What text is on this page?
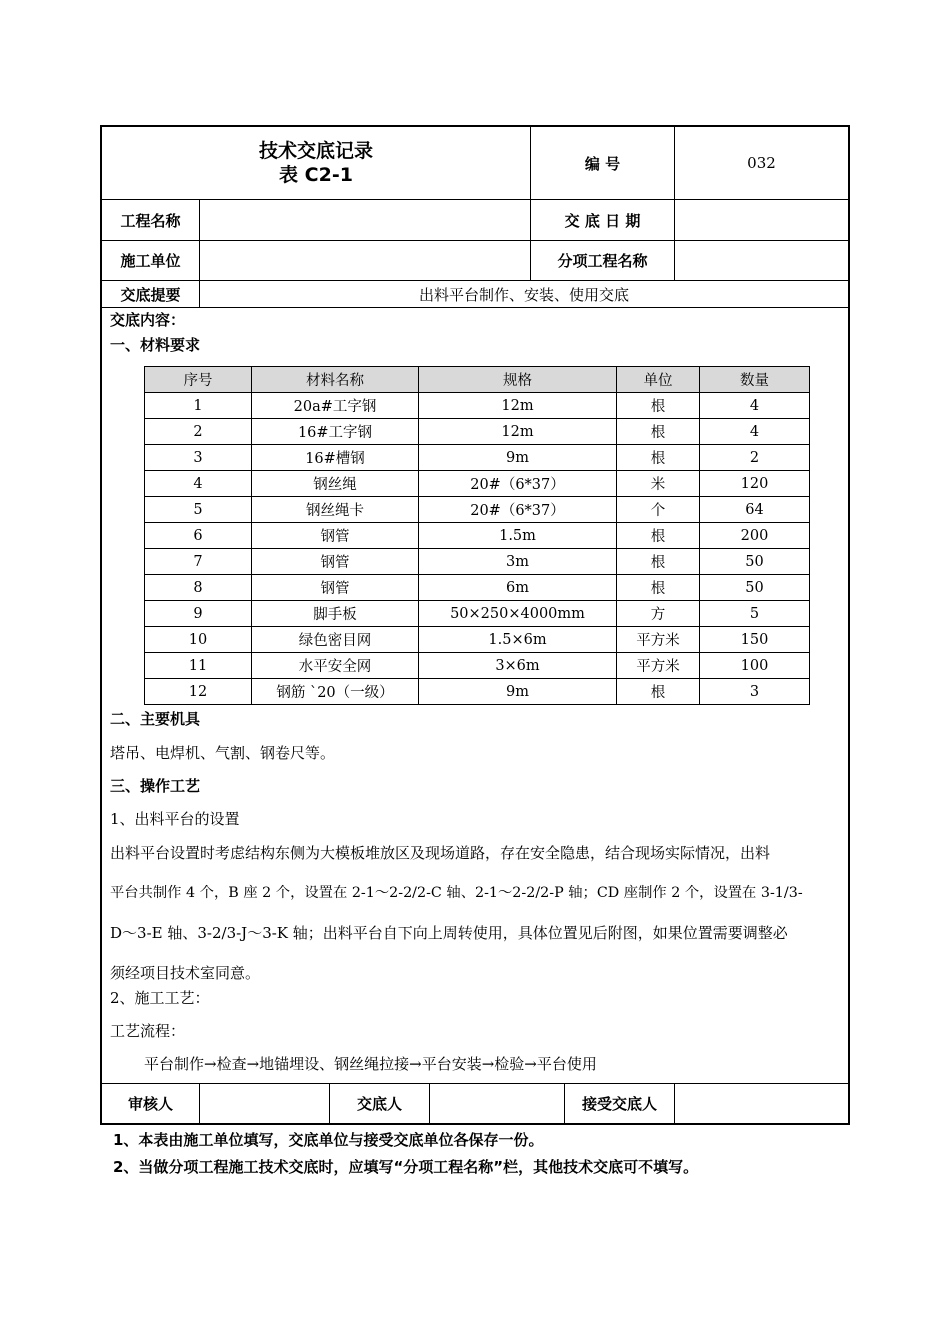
技术交底记录
表 C2-1
编 号	032
工程名称	交 底 日 期
施工单位	分项工程名称
交底提要	出料平台制作、安装、使用交底
交底内容：
一、材料要求
序号	材料名称	规格	单位	数量
1	20a#工字钢	12m	根	4
2	16#工字钢	12m	根	4
3	16#槽钢	9m	根	2
4	钢丝绳	20#（6*37）	米	120
5	钢丝绳卡	20#（6*37）	个	64
6	钢管	1.5m	根	200
7	钢管	3m	根	50
8	钢管	6m	根	50
9	脚手板	50×250×4000mm	方	5
10	绿色密目网	1.5×6m	平方米	150
11	水平安全网	3×6m	平方米	100
12	钢筋 `20（一级）	9m	根	3
二、主要机具
塔吊、电焊机、气割、钢卷尺等。
三、操作工艺
1、出料平台的设置
出料平台设置时考虑结构东侧为大模板堆放区及现场道路，存在安全隐患，结合现场实际情况，出料
平台共制作 4 个，B 座 2 个，设置在 2-1～2-2/2-C 轴、2-1～2-2/2-P 轴；CD 座制作 2 个，设置在 3-1/3-
D～3-E 轴、3-2/3-J～3-K 轴；出料平台自下向上周转使用，具体位置见后附图，如果位置需要调整必
须经项目技术室同意。
2、施工工艺：
工艺流程：
平台制作→检查→地锚埋设、钢丝绳拉接→平台安装→检验→平台使用
审核人	交底人	接受交底人
1、本表由施工单位填写，交底单位与接受交底单位各保存一份。
2、当做分项工程施工技术交底时，应填写“分项工程名称”栏，其他技术交底可不填写。
